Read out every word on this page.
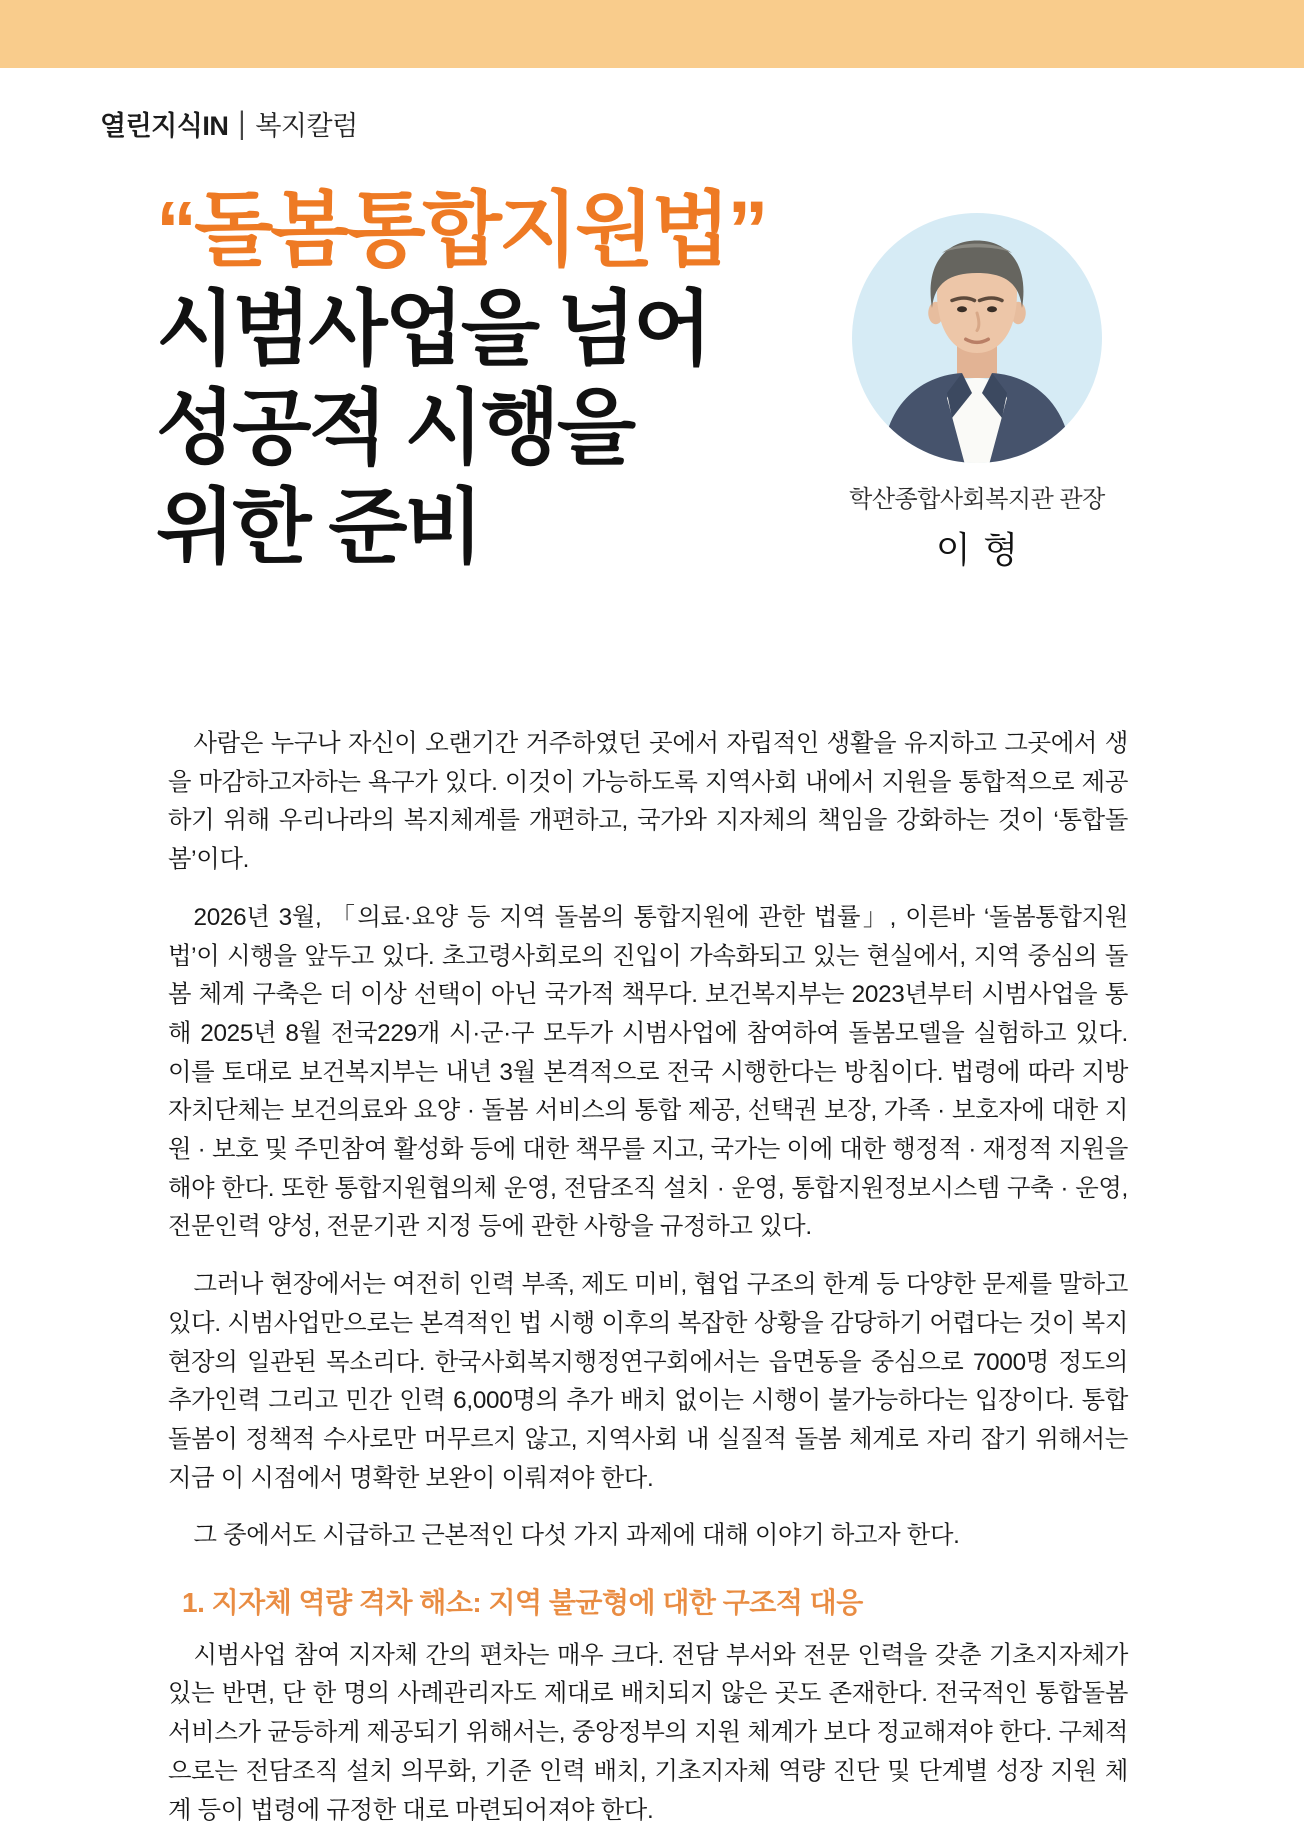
열린지식IN | 복지칼럼
“돌봄통합지원법”
시범사업을 넘어
성공적 시행을
위한 준비	학산종합사회복지관 관장
이형

사람은 누구나 자신이 오랜기간 거주하였던 곳에서 자립적인 생활을 유지하고 그곳에서 생을 마감하고자하는 욕구가 있다. 이것이 가능하도록 지역사회 내에서 지원을 통합적으로 제공하기 위해 우리나라의 복지체계를 개편하고, 국가와 지자체의 책임을 강화하는 것이 ‘통합돌봄’이다.

2026년 3월, 「의료·요양 등 지역 돌봄의 통합지원에 관한 법률」, 이른바 ‘돌봄통합지원법’이 시행을 앞두고 있다. 초고령사회로의 진입이 가속화되고 있는 현실에서, 지역 중심의 돌봄 체계 구축은 더 이상 선택이 아닌 국가적 책무다. 보건복지부는 2023년부터 시범사업을 통해 2025년 8월 전국229개 시·군·구 모두가 시범사업에 참여하여 돌봄모델을 실험하고 있다. 이를 토대로 보건복지부는 내년 3월 본격적으로 전국 시행한다는 방침이다. 법령에 따라 지방자치단체는 보건의료와 요양 · 돌봄 서비스의 통합 제공, 선택권 보장, 가족 · 보호자에 대한 지원 · 보호 및 주민참여 활성화 등에 대한 책무를 지고, 국가는 이에 대한 행정적 · 재정적 지원을 해야 한다. 또한 통합지원협의체 운영, 전담조직 설치 · 운영, 통합지원정보시스템 구축 · 운영, 전문인력 양성, 전문기관 지정 등에 관한 사항을 규정하고 있다.

그러나 현장에서는 여전히 인력 부족, 제도 미비, 협업 구조의 한계 등 다양한 문제를 말하고 있다. 시범사업만으로는 본격적인 법 시행 이후의 복잡한 상황을 감당하기 어렵다는 것이 복지 현장의 일관된 목소리다. 한국사회복지행정연구회에서는 읍면동을 중심으로 7000명 정도의 추가인력 그리고 민간 인력 6,000명의 추가 배치 없이는 시행이 불가능하다는 입장이다. 통합돌봄이 정책적 수사로만 머무르지 않고, 지역사회 내 실질적 돌봄 체계로 자리 잡기 위해서는 지금 이 시점에서 명확한 보완이 이뤄져야 한다.

그 중에서도 시급하고 근본적인 다섯 가지 과제에 대해 이야기 하고자 한다.

1. 지자체 역량 격차 해소: 지역 불균형에 대한 구조적 대응

시범사업 참여 지자체 간의 편차는 매우 크다. 전담 부서와 전문 인력을 갖춘 기초지자체가 있는 반면, 단 한 명의 사례관리자도 제대로 배치되지 않은 곳도 존재한다. 전국적인 통합돌봄 서비스가 균등하게 제공되기 위해서는, 중앙정부의 지원 체계가 보다 정교해져야 한다. 구체적으로는 전담조직 설치 의무화, 기준 인력 배치, 기초지자체 역량 진단 및 단계별 성장 지원 체계 등이 법령에 규정한 대로 마련되어져야 한다.
